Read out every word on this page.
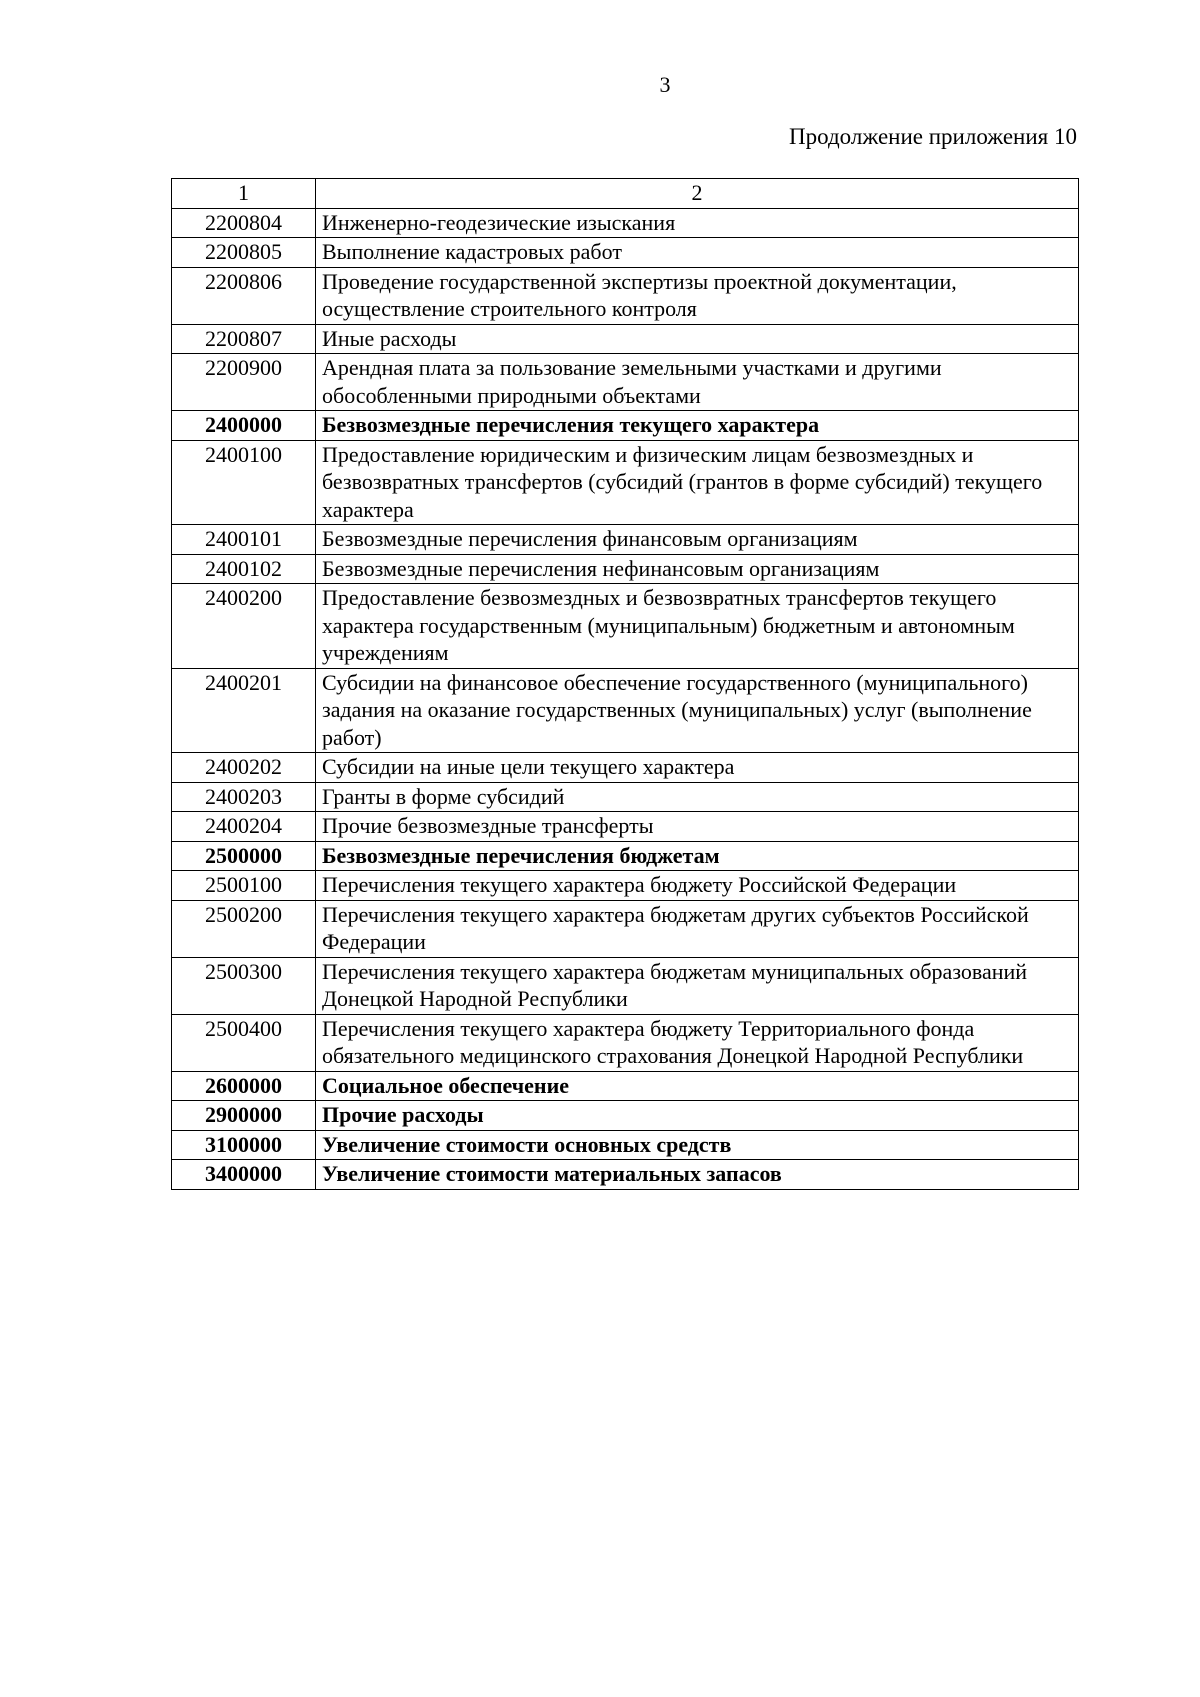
3
Продолжение приложения 10
1	2
2200804	Инженерно-геодезические изыскания
2200805	Выполнение кадастровых работ
2200806	Проведение государственной экспертизы проектной документации, осуществление строительного контроля
2200807	Иные расходы
2200900	Арендная плата за пользование земельными участками и другими обособленными природными объектами
2400000	Безвозмездные перечисления текущего характера
2400100	Предоставление юридическим и физическим лицам безвозмездных и безвозвратных трансфертов (субсидий (грантов в форме субсидий) текущего характера
2400101	Безвозмездные перечисления финансовым организациям
2400102	Безвозмездные перечисления нефинансовым организациям
2400200	Предоставление безвозмездных и безвозвратных трансфертов текущего характера государственным (муниципальным) бюджетным и автономным учреждениям
2400201	Субсидии на финансовое обеспечение государственного (муниципального) задания на оказание государственных (муниципальных) услуг (выполнение работ)
2400202	Субсидии на иные цели текущего характера
2400203	Гранты в форме субсидий
2400204	Прочие безвозмездные трансферты
2500000	Безвозмездные перечисления бюджетам
2500100	Перечисления текущего характера бюджету Российской Федерации
2500200	Перечисления текущего характера бюджетам других субъектов Российской Федерации
2500300	Перечисления текущего характера бюджетам муниципальных образований Донецкой Народной Республики
2500400	Перечисления текущего характера бюджету Территориального фонда обязательного медицинского страхования Донецкой Народной Республики
2600000	Социальное обеспечение
2900000	Прочие расходы
3100000	Увеличение стоимости основных средств
3400000	Увеличение стоимости материальных запасов
